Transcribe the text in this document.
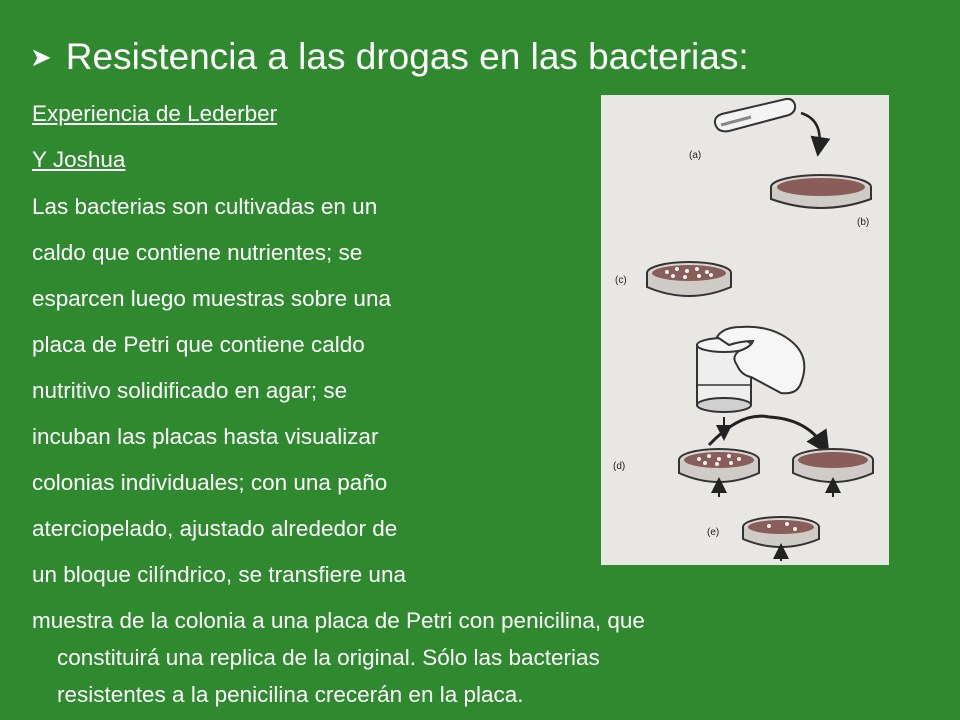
➤ Resistencia a las drogas en las bacterias:
Experiencia de Lederber
Y Joshua
Las bacterias son cultivadas en un
caldo que contiene nutrientes; se
esparcen luego muestras sobre una
placa de Petri que contiene caldo
nutritivo solidificado en agar; se
incuban las placas hasta visualizar
colonias individuales; con una paño
aterciopelado, ajustado alrededor de
un bloque cilíndrico, se transfiere una
muestra de la colonia a una placa de Petri con penicilina, que
constituirá una replica de la original. Sólo las bacterias
resistentes a la penicilina crecerán en la placa.
(a)
(b)
(c)
(d)
(e)
